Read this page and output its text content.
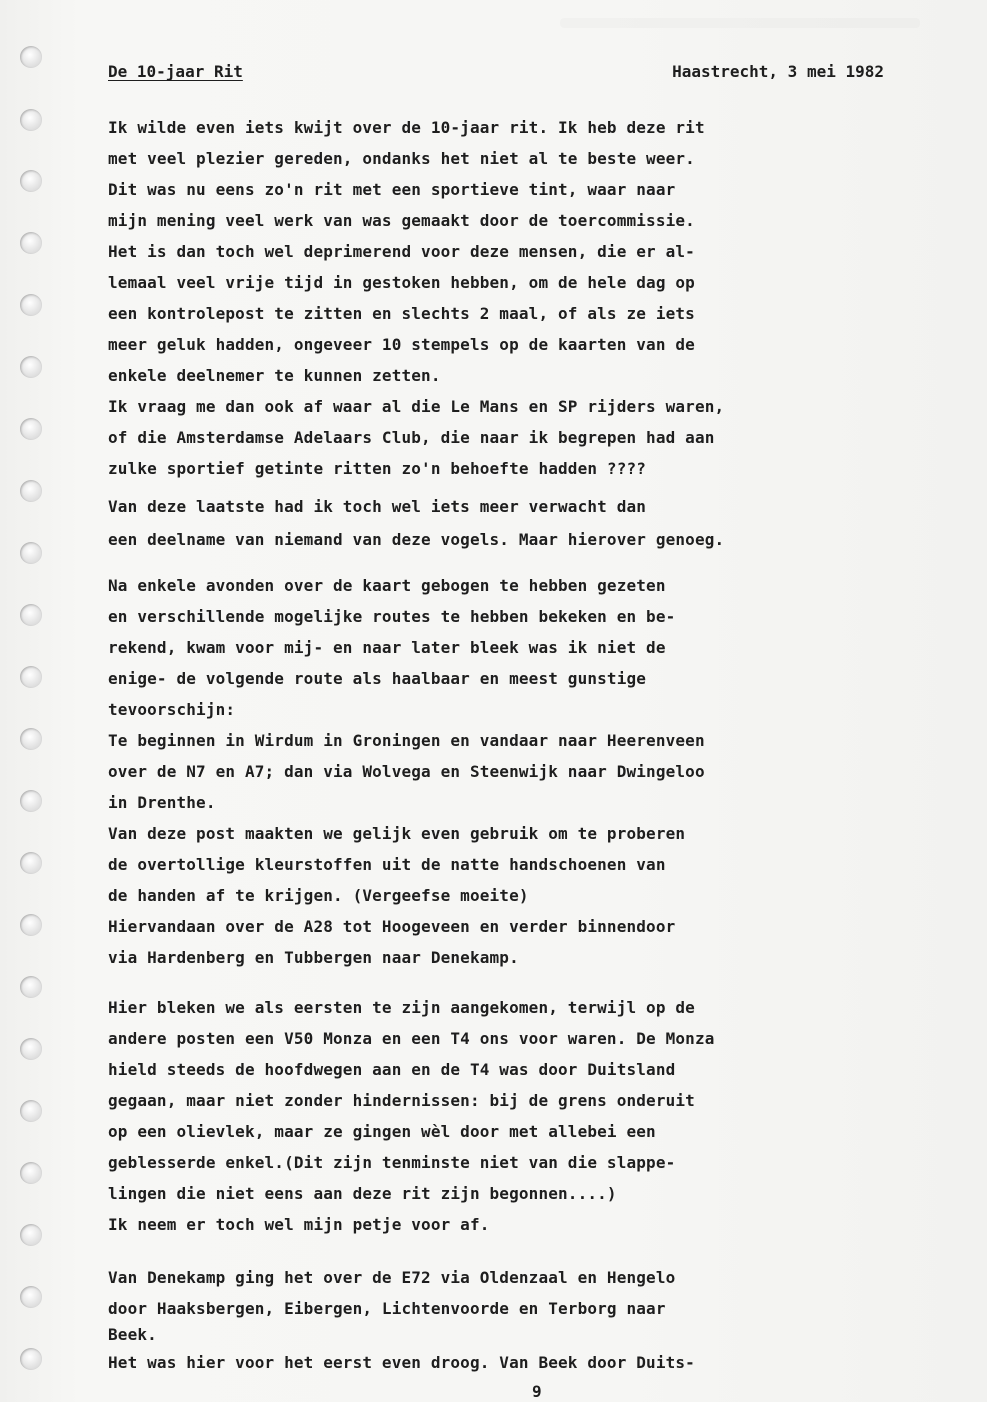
De 10-jaar Rit	Haastrecht, 3 mei 1982
Ik wilde even iets kwijt over de 10-jaar rit. Ik heb deze rit
met veel plezier gereden, ondanks het niet al te beste weer.
Dit was nu eens zo'n rit met een sportieve tint, waar naar
mijn mening veel werk van was gemaakt door de toercommissie.
Het is dan toch wel deprimerend voor deze mensen, die er al-
lemaal veel vrije tijd in gestoken hebben, om de hele dag op
een kontrolepost te zitten en slechts 2 maal, of als ze iets
meer geluk hadden, ongeveer 10 stempels op de kaarten van de
enkele deelnemer te kunnen zetten.
Ik vraag me dan ook af waar al die Le Mans en SP rijders waren,
of die Amsterdamse Adelaars Club, die naar ik begrepen had aan
zulke sportief getinte ritten zo'n behoefte hadden ????
Van deze laatste had ik toch wel iets meer verwacht dan
een deelname van niemand van deze vogels. Maar hierover genoeg.
Na enkele avonden over de kaart gebogen te hebben gezeten
en verschillende mogelijke routes te hebben bekeken en be-
rekend, kwam voor mij- en naar later bleek was ik niet de
enige- de volgende route als haalbaar en meest gunstige
tevoorschijn:
Te beginnen in Wirdum in Groningen en vandaar naar Heerenveen
over de N7 en A7; dan via Wolvega en Steenwijk naar Dwingeloo
in Drenthe.
Van deze post maakten we gelijk even gebruik om te proberen
de overtollige kleurstoffen uit de natte handschoenen van
de handen af te krijgen. (Vergeefse moeite)
Hiervandaan over de A28 tot Hoogeveen en verder binnendoor
via Hardenberg en Tubbergen naar Denekamp.
Hier bleken we als eersten te zijn aangekomen, terwijl op de
andere posten een V50 Monza en een T4 ons voor waren. De Monza
hield steeds de hoofdwegen aan en de T4 was door Duitsland
gegaan, maar niet zonder hindernissen: bij de grens onderuit
op een olievlek, maar ze gingen wèl door met allebei een
geblesserde enkel.(Dit zijn tenminste niet van die slappe-
lingen die niet eens aan deze rit zijn begonnen....)
Ik neem er toch wel mijn petje voor af.
Van Denekamp ging het over de E72 via Oldenzaal en Hengelo
door Haaksbergen, Eibergen, Lichtenvoorde en Terborg naar
Beek.
Het was hier voor het eerst even droog. Van Beek door Duits-
9
